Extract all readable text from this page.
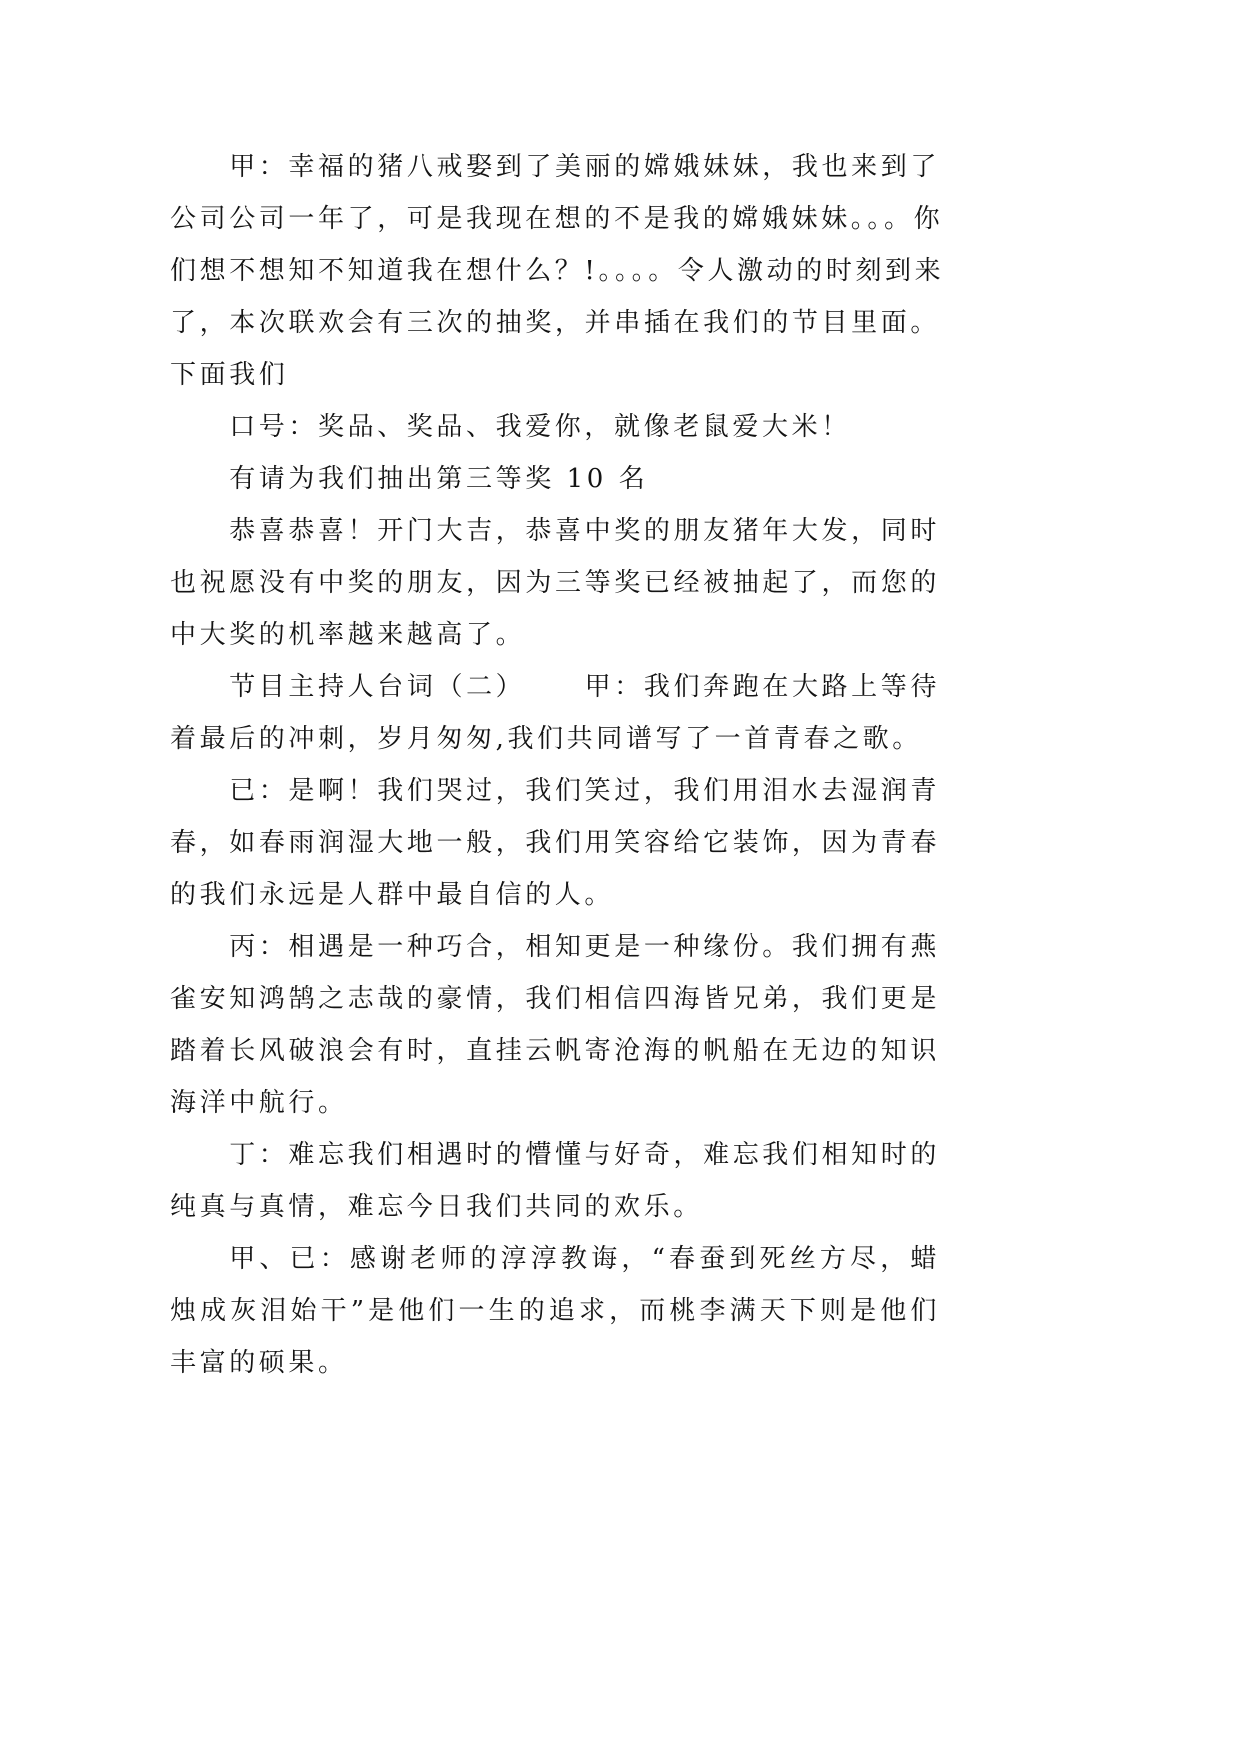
甲：幸福的猪八戒娶到了美丽的嫦娥妹妹，我也来到了
公司公司一年了，可是我现在想的不是我的嫦娥妹妹。。。你
们想不想知不知道我在想什么？!。。。。令人激动的时刻到来
了，本次联欢会有三次的抽奖，并串插在我们的节目里面。
下面我们
口号：奖品、奖品、我爱你，就像老鼠爱大米！
有请为我们抽出第三等奖 10 名
恭喜恭喜！开门大吉，恭喜中奖的朋友猪年大发，同时
也祝愿没有中奖的朋友，因为三等奖已经被抽起了，而您的
中大奖的机率越来越高了。
节目主持人台词（二）     甲：我们奔跑在大路上等待
着最后的冲刺，岁月匆匆,我们共同谱写了一首青春之歌。
已：是啊！我们哭过，我们笑过，我们用泪水去湿润青
春，如春雨润湿大地一般，我们用笑容给它装饰，因为青春
的我们永远是人群中最自信的人。
丙：相遇是一种巧合，相知更是一种缘份。我们拥有燕
雀安知鸿鹄之志哉的豪情，我们相信四海皆兄弟，我们更是
踏着长风破浪会有时，直挂云帆寄沧海的帆船在无边的知识
海洋中航行。
丁：难忘我们相遇时的懵懂与好奇，难忘我们相知时的
纯真与真情，难忘今日我们共同的欢乐。
甲、已：感谢老师的淳淳教诲，“春蚕到死丝方尽，蜡
烛成灰泪始干”是他们一生的追求，而桃李满天下则是他们
丰富的硕果。
